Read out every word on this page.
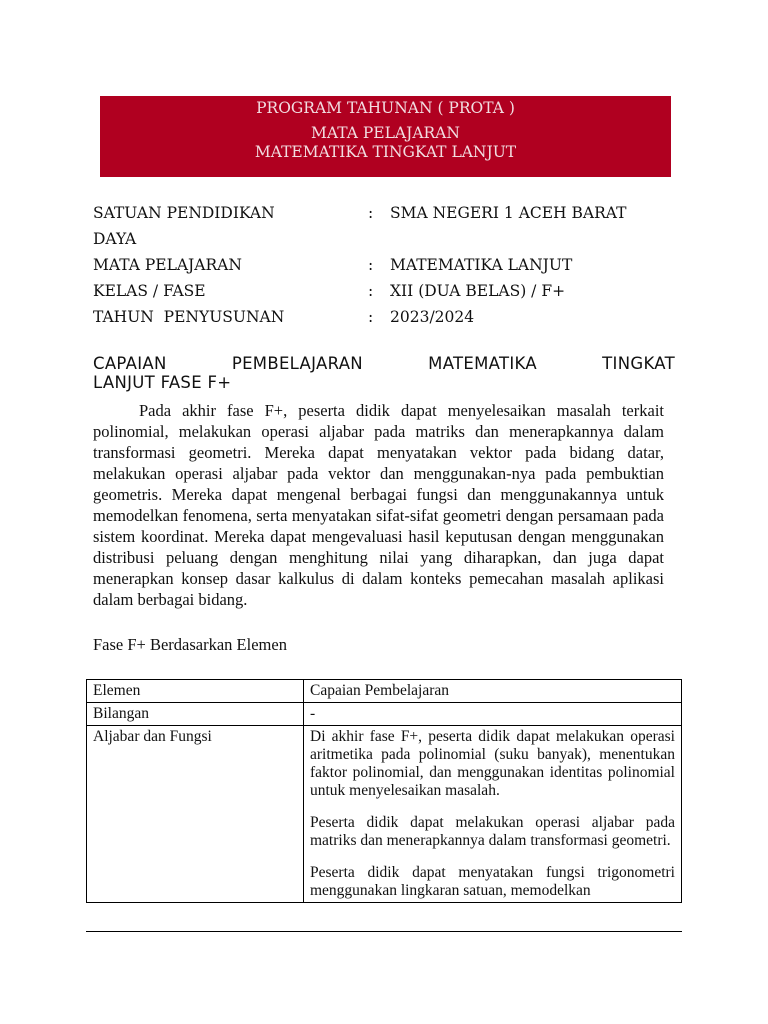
PROGRAM TAHUNAN ( PROTA )
MATA PELAJARAN
MATEMATIKA TINGKAT LANJUT
SATUAN PENDIDIKAN
DAYA
: SMA NEGERI 1 ACEH BARAT
MATA PELAJARAN	: MATEMATIKA LANJUT
KELAS / FASE	: XII (DUA BELAS) / F+
TAHUN  PENYUSUNAN	: 2023/2024
CAPAIAN	PEMBELAJARAN	MATEMATIKA	TINGKAT
LANJUT FASE F+
Pada akhir fase F+, peserta didik dapat menyelesaikan masalah terkait polinomial, melakukan operasi aljabar pada matriks dan menerapkannya dalam transformasi geometri. Mereka dapat menyatakan vektor pada bidang datar, melakukan operasi aljabar pada vektor dan menggunakan-nya pada pembuktian geometris. Mereka dapat mengenal berbagai fungsi dan menggunakannya untuk memodelkan fenomena, serta menyatakan sifat-sifat geometri dengan persamaan pada sistem koordinat. Mereka dapat mengevaluasi hasil keputusan dengan menggunakan distribusi peluang dengan menghitung nilai yang diharapkan, dan juga dapat menerapkan konsep dasar kalkulus di dalam konteks pemecahan masalah aplikasi dalam berbagai bidang.
Fase F+ Berdasarkan Elemen
Elemen	Capaian Pembelajaran
Bilangan	-
Aljabar dan Fungsi	Di akhir fase F+, peserta didik dapat melakukan operasi aritmetika pada polinomial (suku banyak), menentukan faktor polinomial, dan menggunakan identitas polinomial untuk menyelesaikan masalah.

Peserta didik dapat melakukan operasi aljabar pada matriks dan menerapkannya dalam transformasi geometri.

Peserta didik dapat menyatakan fungsi trigonometri menggunakan lingkaran satuan, memodelkan
